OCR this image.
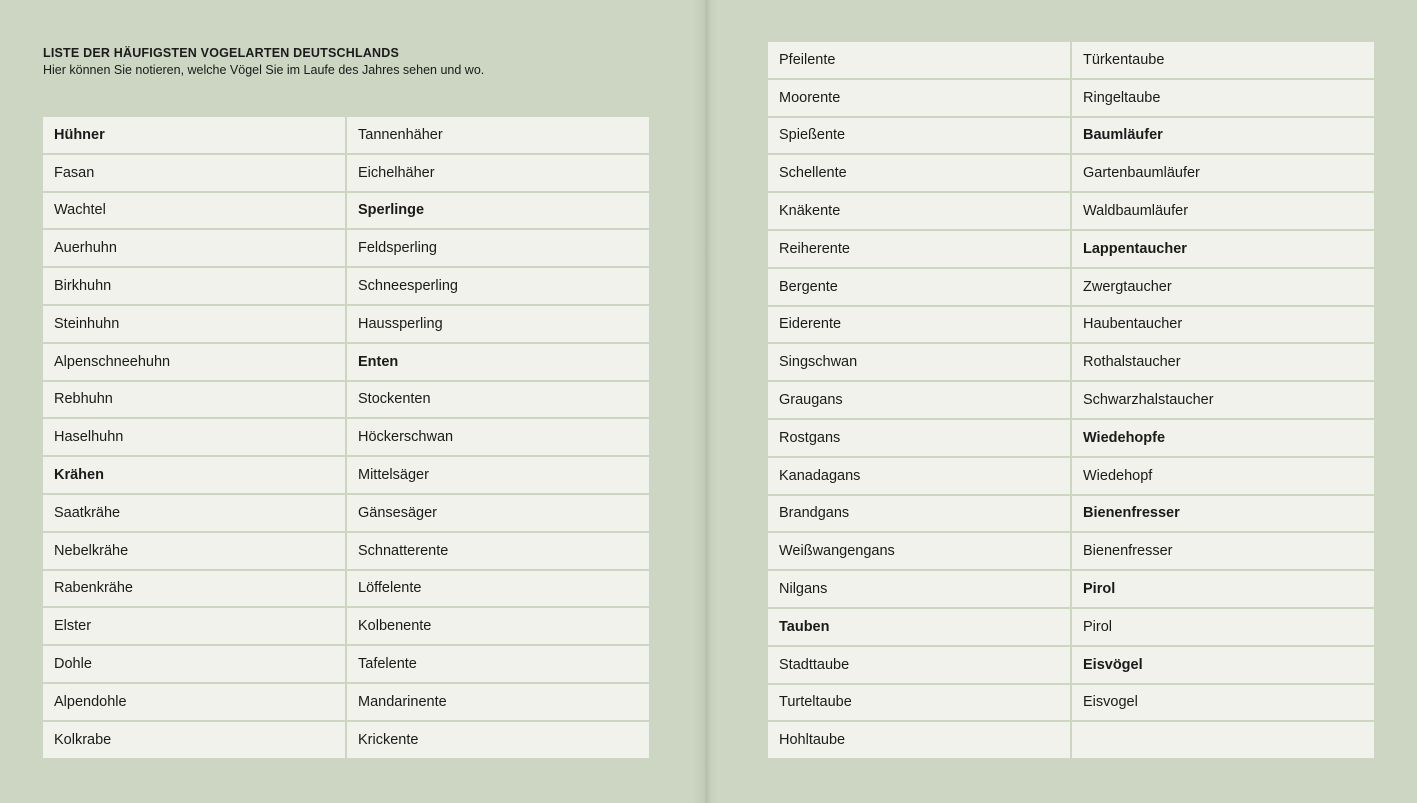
LISTE DER HÄUFIGSTEN VOGELARTEN DEUTSCHLANDS

Hier können Sie notieren, welche Vögel Sie im Laufe des Jahres sehen und wo.

Hühner	Tannenhäher
Fasan	Eichelhäher
Wachtel	Sperlinge
Auerhuhn	Feldsperling
Birkhuhn	Schneesperling
Steinhuhn	Haussperling
Alpenschneehuhn	Enten
Rebhuhn	Stockenten
Haselhuhn	Höckerschwan
Krähen	Mittelsäger
Saatkrähe	Gänsesäger
Nebelkrähe	Schnatterente
Rabenkrähe	Löffelente
Elster	Kolbenente
Dohle	Tafelente
Alpendohle	Mandarinente
Kolkrabe	Krickente
Pfeilente	Türkentaube
Moorente	Ringeltaube
Spießente	Baumläufer
Schellente	Gartenbaumläufer
Knäkente	Waldbaumläufer
Reiherente	Lappentaucher
Bergente	Zwergtaucher
Eiderente	Haubentaucher
Singschwan	Rothalstaucher
Graugans	Schwarzhalstaucher
Rostgans	Wiedehopfe
Kanadagans	Wiedehopf
Brandgans	Bienenfresser
Weißwangengans	Bienenfresser
Nilgans	Pirol
Tauben	Pirol
Stadttaube	Eisvögel
Turteltaube	Eisvogel
Hohltaube
